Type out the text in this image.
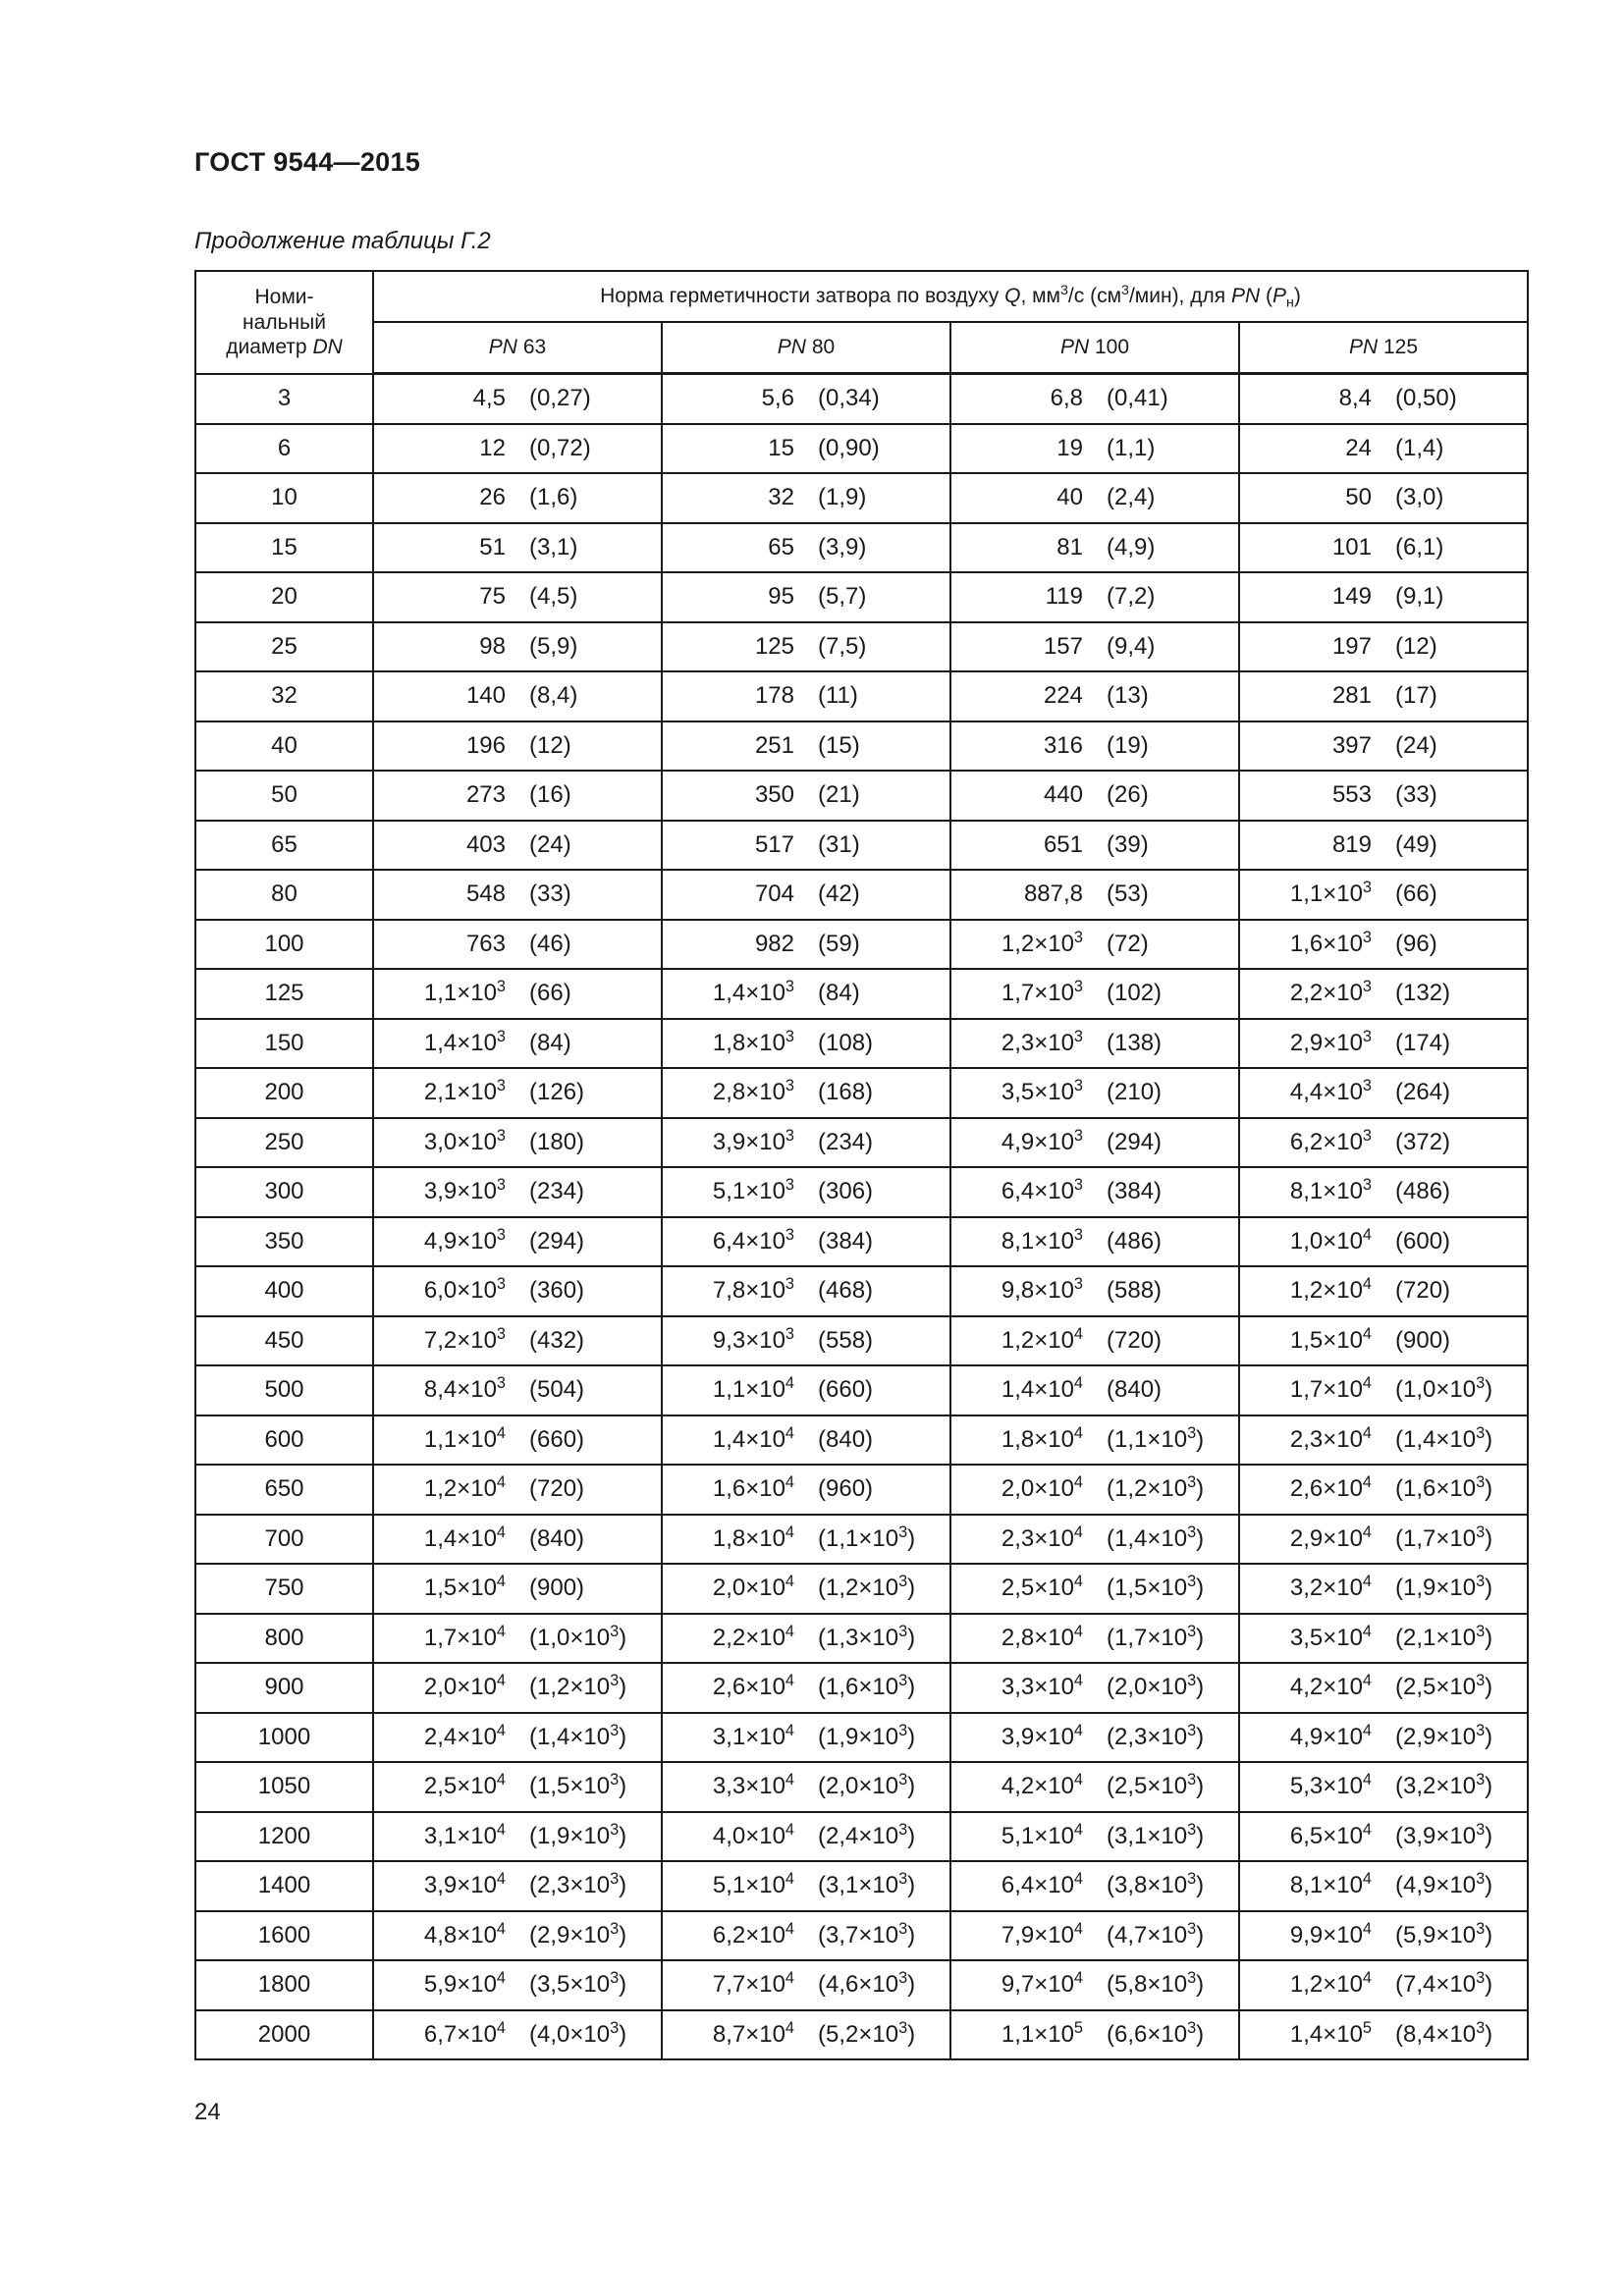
ГОСТ 9544—2015
Продолжение таблицы Г.2
Номи-
нальный
диаметр DN	Норма герметичности затвора по воздуху Q, $мм^3/с$ $(см^3/мин)$, для PN $(P_н)$			
	PN 63	PN 80	PN 100	PN 125
3	4,5 (0,27)	5,6 (0,34)	6,8 (0,41)	8,4 (0,50)

6	12 (0,72)	15 (0,90)	19 (1,1)	24 (1,4)

10	26 (1,6)	32 (1,9)	40 (2,4)	50 (3,0)

15	51 (3,1)	65 (3,9)	81 (4,9)	101 (6,1)

20	75 (4,5)	95 (5,7)	119 (7,2)	149 (9,1)

25	98 (5,9)	125 (7,5)	157 (9,4)	197 (12)

32	140 (8,4)	178 (11)	224 (13)	281 (17)

40	196 (12)	251 (15)	316 (19)	397 (24)

50	273 (16)	350 (21)	440 (26)	553 (33)

65	403 (24)	517 (31)	651 (39)	819 (49)

80	548 (33)	704 (42)	887,8 (53)	$1,1\times 10^3$ (66)

100	763 (46)	982 (59)	$1,2\times 10^3$ (72)	$1,6\times 10^3$ (96)

125	$1,1\times 10^3$ (66)	$1,4\times 10^3$ (84)	$1,7\times 10^3$ (102)	$2,2\times 10^3$ (132)

150	$1,4\times 10^3$ (84)	$1,8\times 10^3$ (108)	$2,3\times 10^3$ (138)	$2,9\times 10^3$ (174)

200	$2,1\times 10^3$ (126)	$2,8\times 10^3$ (168)	$3,5\times 10^3$ (210)	$4,4\times 10^3$ (264)

250	$3,0\times 10^3$ (180)	$3,9\times 10^3$ (234)	$4,9\times 10^3$ (294)	$6,2\times 10^3$ (372)

300	$3,9\times 10^3$ (234)	$5,1\times 10^3$ (306)	$6,4\times 10^3$ (384)	$8,1\times 10^3$ (486)

350	$4,9\times 10^3$ (294)	$6,4\times 10^3$ (384)	$8,1\times 10^3$ (486)	$1,0\times 10^4$ (600)

400	$6,0\times 10^3$ (360)	$7,8\times 10^3$ (468)	$9,8\times 10^3$ (588)	$1,2\times 10^4$ (720)

450	$7,2\times 10^3$ (432)	$9,3\times 10^3$ (558)	$1,2\times 10^4$ (720)	$1,5\times 10^4$ (900)

500	$8,4\times 10^3$ (504)	$1,1\times 10^4$ (660)	$1,4\times 10^4$ (840)	$1,7\times 10^4$ $(1,0\times 10^3)$

600	$1,1\times 10^4$ (660)	$1,4\times 10^4$ (840)	$1,8\times 10^4$ $(1,1\times 10^3)$	$2,3\times 10^4$ $(1,4\times 10^3)$

650	$1,2\times 10^4$ (720)	$1,6\times 10^4$ (960)	$2,0\times 10^4$ $(1,2\times 10^3)$	$2,6\times 10^4$ $(1,6\times 10^3)$

700	$1,4\times 10^4$ (840)	$1,8\times 10^4$ $(1,1\times 10^3)$	$2,3\times 10^4$ $(1,4\times 10^3)$	$2,9\times 10^4$ $(1,7\times 10^3)$

750	$1,5\times 10^4$ (900)	$2,0\times 10^4$ $(1,2\times 10^3)$	$2,5\times 10^4$ $(1,5\times 10^3)$	$3,2\times 10^4$ $(1,9\times 10^3)$

800	$1,7\times 10^4$ $(1,0\times 10^3)$	$2,2\times 10^4$ $(1,3\times 10^3)$	$2,8\times 10^4$ $(1,7\times 10^3)$	$3,5\times 10^4$ $(2,1\times 10^3)$

900	$2,0\times 10^4$ $(1,2\times 10^3)$	$2,6\times 10^4$ $(1,6\times 10^3)$	$3,3\times 10^4$ $(2,0\times 10^3)$	$4,2\times 10^4$ $(2,5\times 10^3)$

1000	$2,4\times 10^4$ $(1,4\times 10^3)$	$3,1\times 10^4$ $(1,9\times 10^3)$	$3,9\times 10^4$ $(2,3\times 10^3)$	$4,9\times 10^4$ $(2,9\times 10^3)$

1050	$2,5\times 10^4$ $(1,5\times 10^3)$	$3,3\times 10^4$ $(2,0\times 10^3)$	$4,2\times 10^4$ $(2,5\times 10^3)$	$5,3\times 10^4$ $(3,2\times 10^3)$

1200	$3,1\times 10^4$ $(1,9\times 10^3)$	$4,0\times 10^4$ $(2,4\times 10^3)$	$5,1\times 10^4$ $(3,1\times 10^3)$	$6,5\times 10^4$ $(3,9\times 10^3)$

1400	$3,9\times 10^4$ $(2,3\times 10^3)$	$5,1\times 10^4$ $(3,1\times 10^3)$	$6,4\times 10^4$ $(3,8\times 10^3)$	$8,1\times 10^4$ $(4,9\times 10^3)$

1600	$4,8\times 10^4$ $(2,9\times 10^3)$	$6,2\times 10^4$ $(3,7\times 10^3)$	$7,9\times 10^4$ $(4,7\times 10^3)$	$9,9\times 10^4$ $(5,9\times 10^3)$

1800	$5,9\times 10^4$ $(3,5\times 10^3)$	$7,7\times 10^4$ $(4,6\times 10^3)$	$9,7\times 10^4$ $(5,8\times 10^3)$	$1,2\times 10^4$ $(7,4\times 10^3)$

2000	$6,7\times 10^4$ $(4,0\times 10^3)$	$8,7\times 10^4$ $(5,2\times 10^3)$	$1,1\times 10^5$ $(6,6\times 10^3)$	$1,4\times 10^5$ $(8,4\times 10^3)$
24
